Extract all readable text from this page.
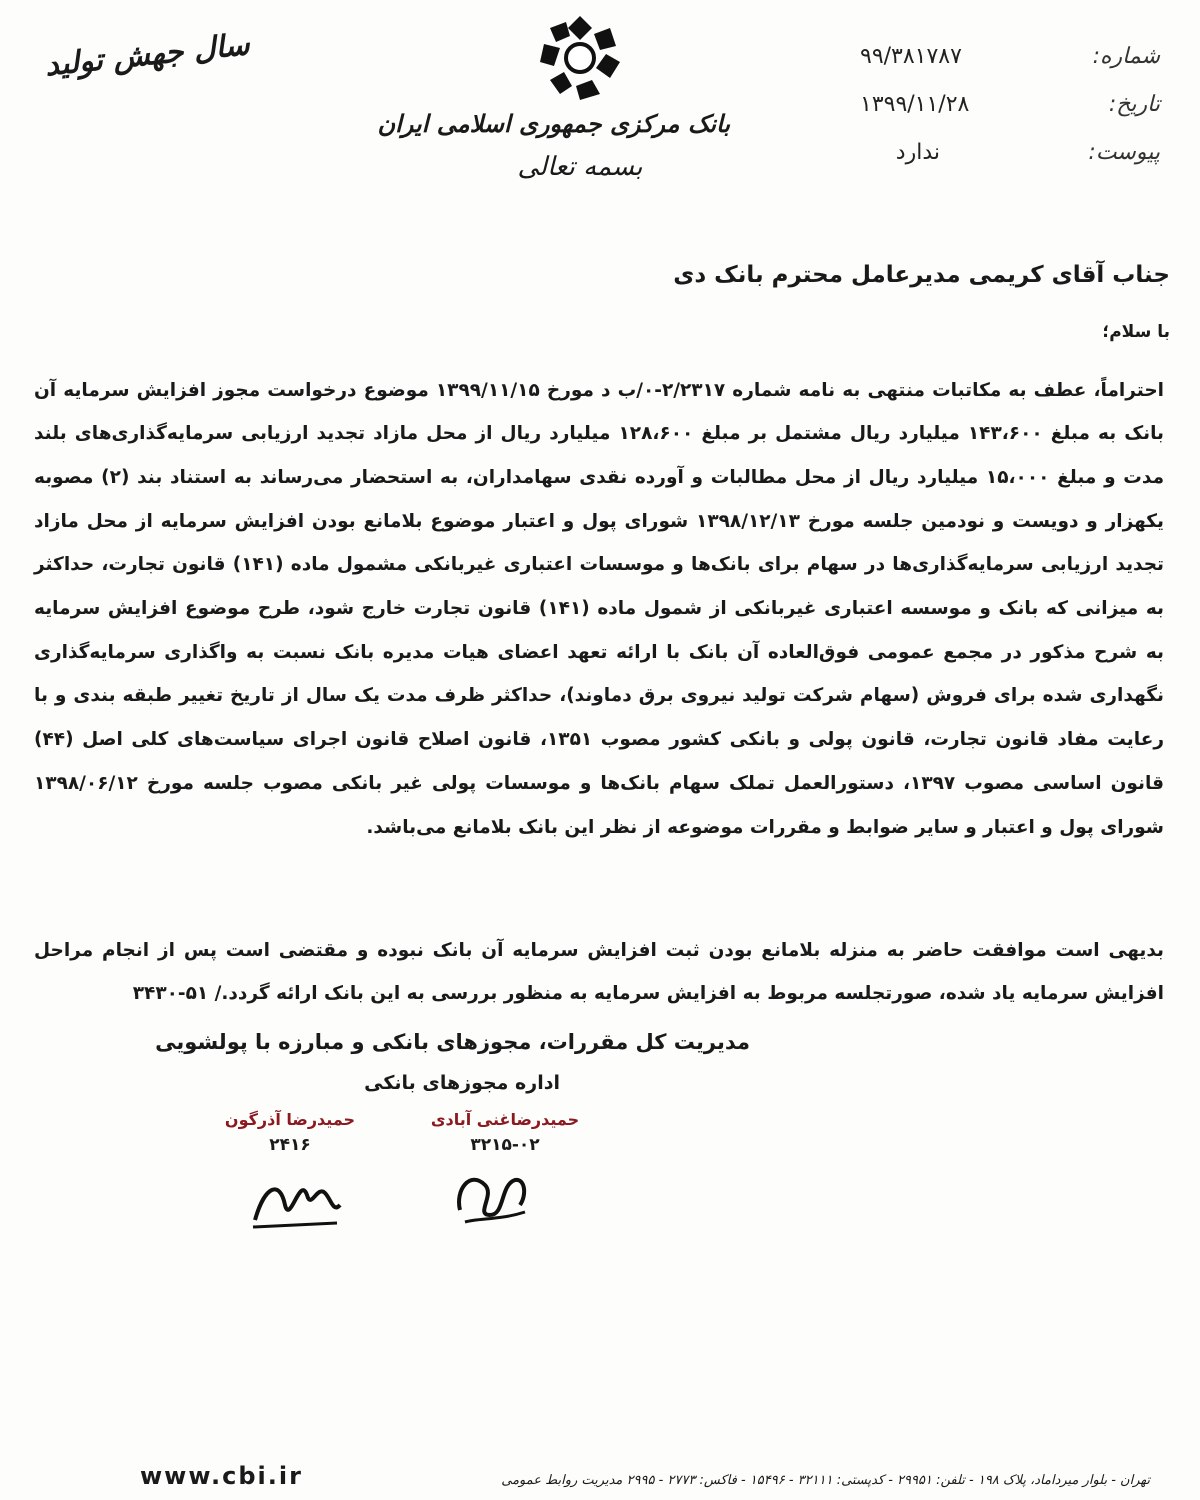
شماره:
۹۹/۳۸۱۷۸۷
تاریخ:
۱۳۹۹/۱۱/۲۸
پیوست:
ندارد
بانک مرکزی جمهوری اسلامی ایران
بسمه تعالی
سال جهش تولید
جناب آقای کریمی مدیرعامل محترم بانک دی
با سلام؛

احتراماً، عطف به مکاتبات منتهی به نامه شماره ۲/۲۳۱۷-۰/ب د مورخ ۱۳۹۹/۱۱/۱۵ موضوع درخواست مجوز افزایش سرمایه آن بانک به مبلغ ۱۴۳،۶۰۰ میلیارد ریال مشتمل بر مبلغ ۱۲۸،۶۰۰ میلیارد ریال از محل مازاد تجدید ارزیابی سرمایه‌گذاری‌های بلند مدت و مبلغ ۱۵،۰۰۰ میلیارد ریال از محل مطالبات و آورده نقدی سهامداران، به استحضار می‌رساند به استناد بند (۲) مصوبه یکهزار و دویست و نودمین جلسه مورخ ۱۳۹۸/۱۲/۱۳ شورای پول و اعتبار موضوع بلامانع بودن افزایش سرمایه از محل مازاد تجدید ارزیابی سرمایه‌گذاری‌ها در سهام برای بانک‌ها و موسسات اعتباری غیربانکی مشمول ماده (۱۴۱) قانون تجارت، حداکثر به میزانی که بانک و موسسه اعتباری غیربانکی از شمول ماده (۱۴۱) قانون تجارت خارج شود، طرح موضوع افزایش سرمایه به شرح مذکور در مجمع عمومی فوق‌العاده آن بانک با ارائه تعهد اعضای هیات مدیره بانک نسبت به واگذاری سرمایه‌گذاری نگهداری شده برای فروش (سهام شرکت تولید نیروی برق دماوند)، حداکثر ظرف مدت یک سال از تاریخ تغییر طبقه بندی و با رعایت مفاد قانون تجارت، قانون پولی و بانکی کشور مصوب ۱۳۵۱، قانون اصلاح قانون اجرای سیاست‌های کلی اصل (۴۴) قانون اساسی مصوب ۱۳۹۷، دستورالعمل تملک سهام بانک‌ها و موسسات پولی غیر بانکی مصوب جلسه مورخ ۱۳۹۸/۰۶/۱۲ شورای پول و اعتبار و سایر ضوابط و مقررات موضوعه از نظر این بانک بلامانع می‌باشد.

بدیهی است موافقت حاضر به منزله بلامانع بودن ثبت افزایش سرمایه آن بانک نبوده و مقتضی است پس از انجام مراحل افزایش سرمایه یاد شده، صورتجلسه مربوط به افزایش سرمایه به منظور بررسی به این بانک ارائه گردد./ ۵۱-۳۴۳۰

مدیریت کل مقررات، مجوزهای بانکی و مبارزه با پولشویی
اداره مجوزهای بانکی
حمیدرضاغنی آبادی
۳۲۱۵-۰۲
حمیدرضا آذرگون
۲۴۱۶
تهران - بلوار میرداماد، پلاک ۱۹۸ - تلفن: ۲۹۹۵۱ - کدپستی: ۳۲۱۱۱ - ۱۵۴۹۶ - فاکس: ۲۷۷۳ - ۲۹۹۵ مدیریت روابط عمومی
www.cbi.ir
